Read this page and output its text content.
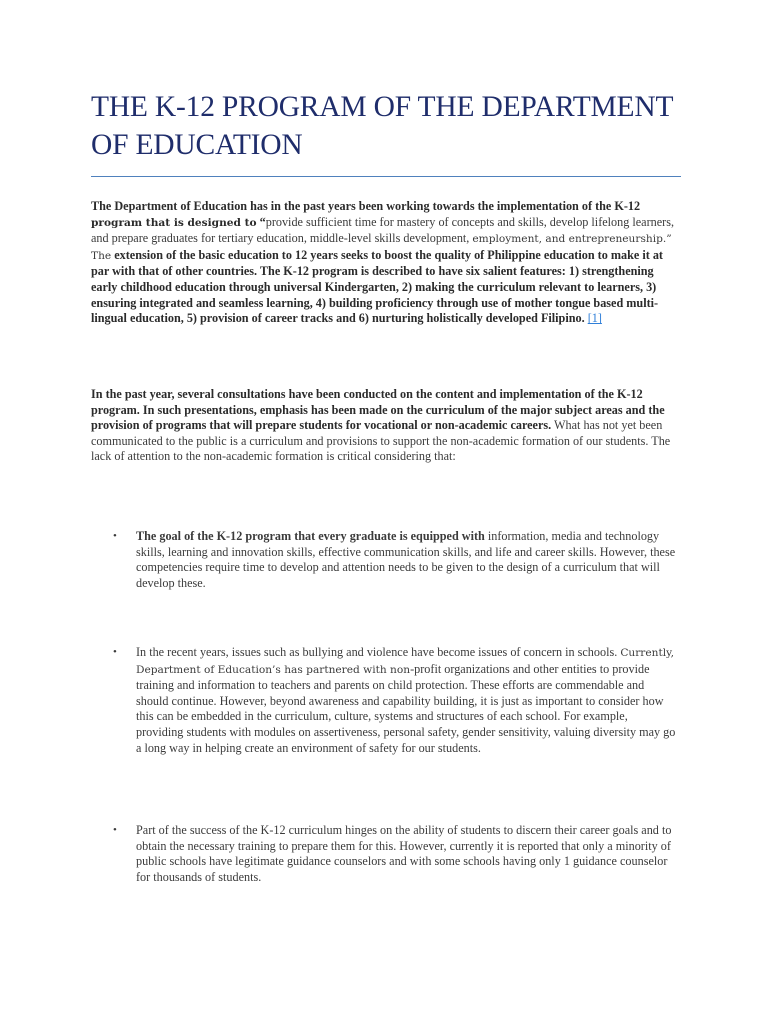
THE K-12 PROGRAM OF THE DEPARTMENT OF EDUCATION

The Department of Education has in the past years been working towards the implementation of the K-12 program that is designed to “provide sufficient time for mastery of concepts and skills, develop lifelong learners, and prepare graduates for tertiary education, middle-level skills development, employment, and entrepreneurship.” The extension of the basic education to 12 years seeks to boost the quality of Philippine education to make it at par with that of other countries. The K-12 program is described to have six salient features: 1) strengthening early childhood education through universal Kindergarten, 2) making the curriculum relevant to learners, 3) ensuring integrated and seamless learning, 4) building proficiency through use of mother tongue based multi-lingual education, 5) provision of career tracks and 6) nurturing holistically developed Filipino. [1]

In the past year, several consultations have been conducted on the content and implementation of the K-12 program. In such presentations, emphasis has been made on the curriculum of the major subject areas and the provision of programs that will prepare students for vocational or non-academic careers. What has not yet been communicated to the public is a curriculum and provisions to support the non-academic formation of our students. The lack of attention to the non-academic formation is critical considering that:

•	The goal of the K-12 program that every graduate is equipped with information, media and technology skills, learning and innovation skills, effective communication skills, and life and career skills. However, these competencies require time to develop and attention needs to be given to the design of a curriculum that will develop these.
•	In the recent years, issues such as bullying and violence have become issues of concern in schools. Currently, Department of Education’s has partnered with non-profit organizations and other entities to provide training and information to teachers and parents on child protection. These efforts are commendable and should continue. However, beyond awareness and capability building, it is just as important to consider how this can be embedded in the curriculum, culture, systems and structures of each school. For example, providing students with modules on assertiveness, personal safety, gender sensitivity, valuing diversity may go a long way in helping create an environment of safety for our students.
•	Part of the success of the K-12 curriculum hinges on the ability of students to discern their career goals and to obtain the necessary training to prepare them for this. However, currently it is reported that only a minority of public schools have legitimate guidance counselors and with some schools having only 1 guidance counselor for thousands of students.
